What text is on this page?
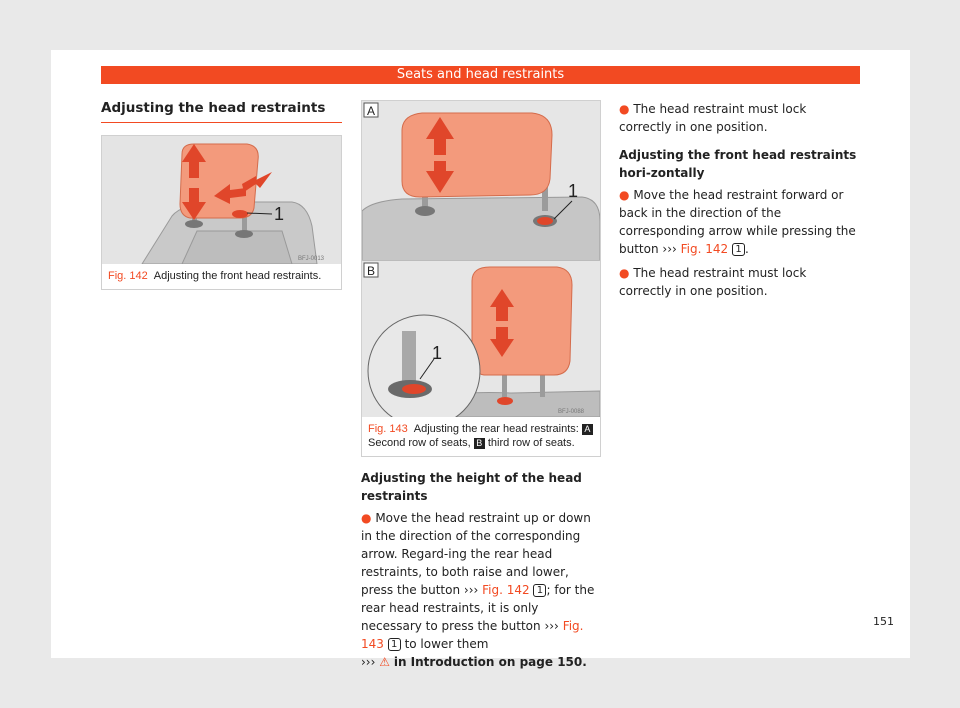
Seats and head restraints
Adjusting the head restraints
1
BFJ-0013
Fig. 142 Adjusting the front head restraints.
1
A
1
BFJ-0088
B
Fig. 143 Adjusting the rear head restraints: A
Second row of seats, B third row of seats.
Adjusting the height of the head restraints
● Move the head restraint up or down in the direction of the corresponding arrow. Regard-ing the rear head restraints, to both raise and lower, press the button ››› Fig. 142 1 ; for the rear head restraints, it is only necessary to press the button ››› Fig. 143 1 to lower them
››› ⚠ in Introduction on page 150.
● The head restraint must lock correctly in one position.
Adjusting the front head restraints hori-zontally
● Move the head restraint forward or back in the direction of the corresponding arrow while pressing the button ››› Fig. 142 1 .
● The head restraint must lock correctly in one position.
151
